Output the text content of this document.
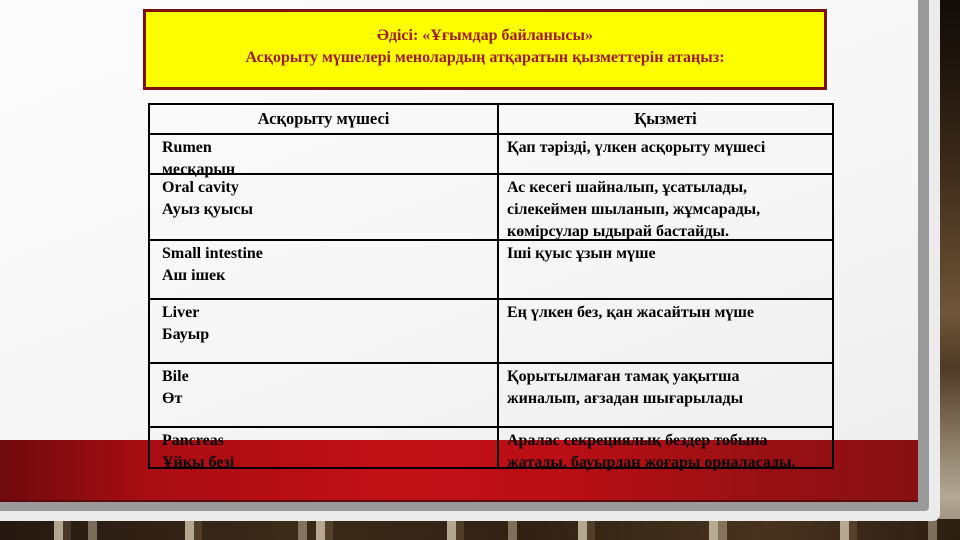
Әдісі: «Ұғымдар байланысы»
Асқорыту мүшелері менолардың атқаратын қызметтерін атаңыз:
Асқорыту мүшесі	Қызметі
Rumen
месқарын
Қап тәрізді, үлкен асқорыту мүшесі
Oral cavity
Ауыз қуысы
Ас кесегі шайналып, ұсатылады,
сілекеймен шыланып, жұмсарады,
көмірсулар ыдырай бастайды.
Small intestine
Аш ішек
Іші қуыс ұзын мүше
Liver
Бауыр
Ең үлкен без, қан жасайтын мүше
Bile
Өт
Қорытылмаған тамақ уақытша
жиналып, ағзадан шығарылады
Pancreas
Ұйқы безі
Аралас секрециялық бездер тобына
жатады, бауырдан жоғары орналасады.
